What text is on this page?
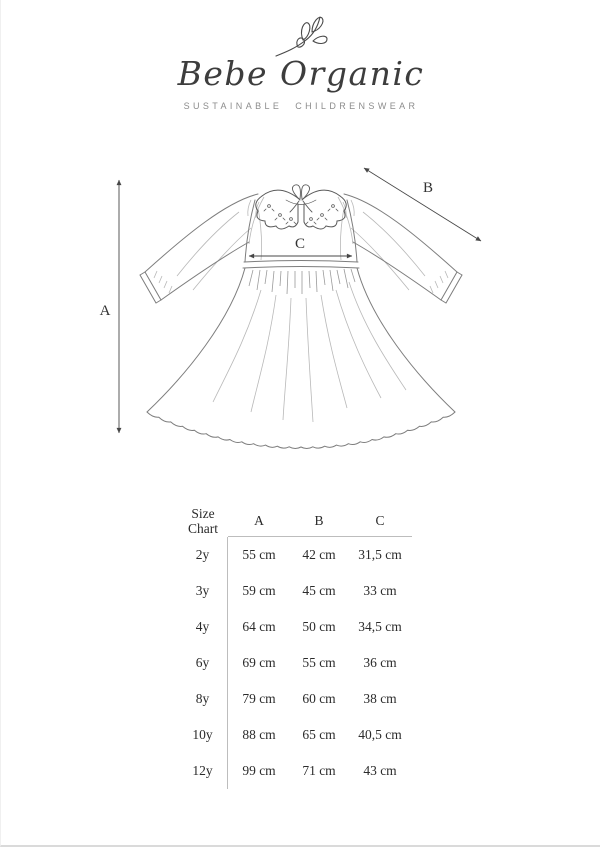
Bebe Organic
SUSTAINABLE CHILDRENSWEAR
A
B
C
Size Chart
A	B	C
2y	55 cm	42 cm	31,5 cm
3y	59 cm	45 cm	33 cm
4y	64 cm	50 cm	34,5 cm
6y	69 cm	55 cm	36 cm
8y	79 cm	60 cm	38 cm
10y	88 cm	65 cm	40,5 cm
12y	99 cm	71 cm	43 cm
